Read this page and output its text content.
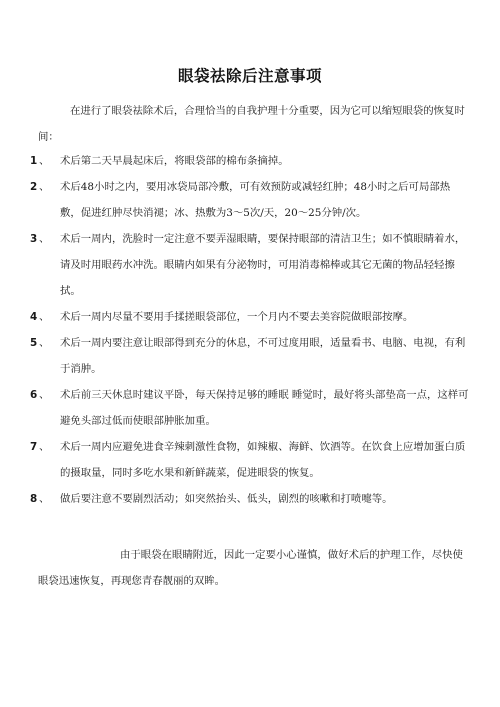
眼袋祛除后注意事项
在进行了眼袋祛除术后，合理恰当的自我护理十分重要，因为它可以缩短眼袋的恢复时间：
1 、 术后第二天早晨起床后，将眼袋部的棉布条摘掉。
2 、 术后48小时之内，要用冰袋局部冷敷，可有效预防或减轻红肿；48小时之后可局部热敷，促进红肿尽快消褪；冰、热敷为3～5次/天，20～25分钟/次。
3 、 术后一周内，洗脸时一定注意不要弄湿眼睛，要保持眼部的清洁卫生；如不慎眼睛着水，请及时用眼药水冲洗。眼睛内如果有分泌物时，可用消毒棉棒或其它无菌的物品轻轻擦拭。
4 、 术后一周内尽量不要用手揉搓眼袋部位，一个月内不要去美容院做眼部按摩。
5 、 术后一周内要注意让眼部得到充分的休息，不可过度用眼，适量看书、电脑、电视，有利于消肿。
6 、 术后前三天休息时建议平卧，每天保持足够的睡眠 睡觉时，最好将头部垫高一点，这样可避免头部过低而使眼部肿胀加重。
7 、 术后一周内应避免进食辛辣刺激性食物，如辣椒、海鲜、饮酒等。在饮食上应增加蛋白质的摄取量，同时多吃水果和新鲜蔬菜，促进眼袋的恢复。
8 、 做后要注意不要剧烈活动；如突然抬头、低头，剧烈的咳嗽和打喷嚏等。
由于眼袋在眼睛附近，因此一定要小心谨慎，做好术后的护理工作，尽快使眼袋迅速恢复，再现您青春靓丽的双眸。
